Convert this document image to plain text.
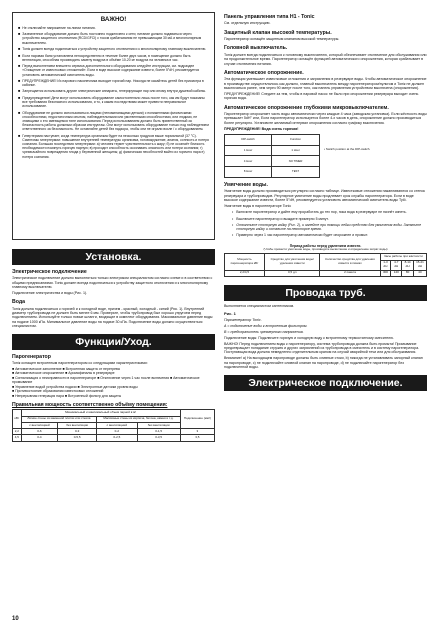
ВАЖНО!
■ Не отключайте напряжение на линии питания.
■ Заземленное оборудование должно быть постоянно подключено к сети; питание должно подаваться через устройство защитного отключения (RCD/GFCI) с током срабатывания не превышающим 30 мА и многополярным выключателем.
■ Тонік должен всегда подключаться к устройству защитного отключения и к многополярному главному выключателю.
■ Если паровая баня установлена непосредственно в течение более двух часов, в помещение должно быть вентиляция, способная производить замену воздуха в объёме 10-20 м³ воздуха на человека в час.
■ Перед выполнением внешнего сервиса дополнительного оборудования следуйте инструкции, см. подраздел «Очищение от известковых отложений». Если в воде высокое содержание извести, более 5°dH, рекомендуется установить автоматический смягчитель воды.
■ ПРЕДУПРЕЖДЕНИЕ! Из парового наконечника выходит горячий пар. Никогда не касайтесь детей без присмотра в кабинке.
■ Запрещается использовать другие электрические аппараты, генерирующие пар или иному внутри душевой кабины.
■ Предупреждение! Дети могут использовать оборудование самостоятельно лишь после того, как им будут показаны все требования безопасного использования, и то, к каким последствиям может привести неправильное использование.
■ Оборудование не должно использоваться лицами (непоминающими детьми) с пониженными физическими способностями, недостаточным опытом, наблюдательными или умственными способностями, или людьми, не знающими о его имеющемся типе использования. Перед использованием должно быть приветственный за безопасность работы должным образом инструктаж. Они могут использовать оборудование только под наблюдением ответственного за безопасность. Не оставляйте детей без надзора, чтобы они не играли возле / с оборудованием.
■ Гипертермия наступает, когда температура организма будет на несколько градусов выше нормальной (37 °C). Симптомы гипертермии: повышение внутренней температуры организма, головокружение, апатия, сонность и потеря сознания. Большая последствия гипертермии: а) человек теряет чувствительность к жару; б) не осознаёт близость необходимости покинуть горячую парную; в) проходит способность осознавать опасность или потери сознания; г) чрезвычайного повреждения плода у беременной женщины; д) физическая несобностей выйти из горячего пара е) потеря сознания.
Установка.
Электрическое подключение
Электрическое подключение должно выполняться только электриком специалистом согласно схеме и в соответствии с общими предписаниями. Тонік должен всегда подключаться к устройству защитного отключения и к многополярному главному выключателю.
Подключение электричества и воды (Рис. 1).
Вода
Тонік должна подключаться к горячей и к холодной воде, причем - красный, холодный - синий (Рис. 1). Внутренний диаметр трубопровода не должен быть менее 6 мм. Проверьте, чтобы трубопровод был хорошо упругоем перед подключением. Используйте только новые шланги, входящие в комплект оборудования. Максимальное давление воды на подаче 1000 кПа. Минимальное давление воды на подаче 30 кПа. Подключение воды должно осуществляться специалистом.
Функции/Уход.
Парогенератор
Тонік оснащен встроенным парогенератором со следующими характеристиками:
■ Автоматическое заполнение ■ Встроенная защита от перегрева
■ Автоматическое опорожнение ■ Аромафиналы в резервуаре
■ Сигнализация о неисправности в парогенераторе ■ Отключение через 1 час после включения ■ Автоматическое промывание
■ Управление водой устройства подачи ■ Электронные датчики уровня воды
■ Противостояние образования известковых отложений
■ Непрерывная генерация пара ■ Встроенный фильтр для защиты
Правильная мощность соответственно объёму помещения:
кВт	Минимальный и максимальный объем парной в м³				Подключение (мм²)
	Лёгкие стены из каменной плитки или стекла		Массивные стены из кирпича, бетона, камня и т.д.		
	с вентиляцией	без вентиляции	с вентиляцией	без вентиляции	
2,2	0-6	0-3	0-2	0-1,5	3
4,5	0-4	0-5,5	0-2,5	0-3,5	3,5
Панель управления типа H1 - Tonic
См. отдельную инструкцию.
Защитный клапан высокой температуры.
Парогенератор оснащён защитным клапаном высокой температуры.
Головной выключатель.
Тонік должен всегда подключаться к головному выключателю, который обеспечивает отключение для обслуживания или на продолжительное время. Парогенератор оснащён функцией автоматического опорожнения, которая срабатывает в случае отключения питания.
Автоматическое опорожнение.
Эта функция уменьшает известковые отложения и загрязнения в резервуаре воды. Чтобы автоматическое опорожнение в производстве осуществлялось как должно, главный выключатель между парогенератором/пультом и Тонік не должен выключаться ранее, чем через 90 минут после того, как панель управления устройством выключена (опорожнения).
ПРЕДУПРЕЖДЕНИЕ! Следите за тем, чтобы в паровой насос не было при опорожнении резервуара выходит очень горячая вода.
Автоматическое опорожнение глубокими микровыключателем.
Парогенератор опорожняет часть воды автоматически через каждые 4 часа (заводская установка). Если жёсткость воды превышает 5dH° или, Если парогенератор используется более 4-х часов в день, опорожнение должно производиться более регулярно. Установите желаемый интервал опорожнения согласно графику выключения.
ПРЕДУПРЕЖДЕНИЕ! Вода очень горячая!
DIP-switch	Function
1 Hour	1 Hour
4 Hour	NO TIMER
8 Hour	TEST
• Switch position at the DIP-switch.
Умягчение воды.
Умягчение воды должно производиться регулярно согласно таблице. Известковые отложения накапливаются со стенок резервуара и трубопроводов. Регулярное умягчение воды продлевает срок службы парогенератора. Если в воде высокое содержание извести, более 5°dH, рекомендуется установить автоматический смягчитель воды Tylö.
Умягчение воды в парогенераторе Tonic
• Включите парогенератор и дайте ему проработать до тех пор, пока вода в резервуаре не начнёт кипеть.
• Выключите парогенератор и выждите примерно 5 минут.
• Отвинтите стопорную гайку (Рис. 2), и залейте при помощи лейки средство для умягчения воды. Затяните стопорную гайку и оставьте на некоторое время.
• Примерно через 1 час парогенератор автоматически будет опорожнен и промыт.
Период работы перед удалением извести.
(Чтобы провести умягчение воды, произведите вычисление и определение затрат воды)
Мощность парогенератора кВт	Средство для умягчения воды/удаления извести	Количество средства для удаления извести в пачках	Часы работы при жёсткости			
			1-3 dH	4-7 dH	8-14 dH	15-21 dH
2,2/4,5	0,5 дл	2 пакета	300	120	80	40
Проводка труб.
Выполняется специалистом сантехником.
Рис. 1
Парогенератор Tonic.
A = подключение воды к встроенным фильтром.
B = предохранитель чрезмерного напряжения.
Подключение воды: Подключите горячую и холодную воду к встроенному термостатному смесителю.
ВАЖНО! Перед подключением воды к парогенератору, система трубопровода должна быть промыта! Промывание предотвращает попадание стружек и других загрязнений из трубопровода в смеситель и в систему парогенератора. Поступающая вода должна немедленно отделительным краном на случай аварийной течи или для обслуживания.
Внимание! а) На выходящем паропроводе должны быть сливные стоки, b) никогда не устанавливать запорный клапан на паропроводе, с) не подключайте сливной клапан на паропроводе, d) не подключайте парогенератор без подключенной воды.
Электрическое подключение.
10
